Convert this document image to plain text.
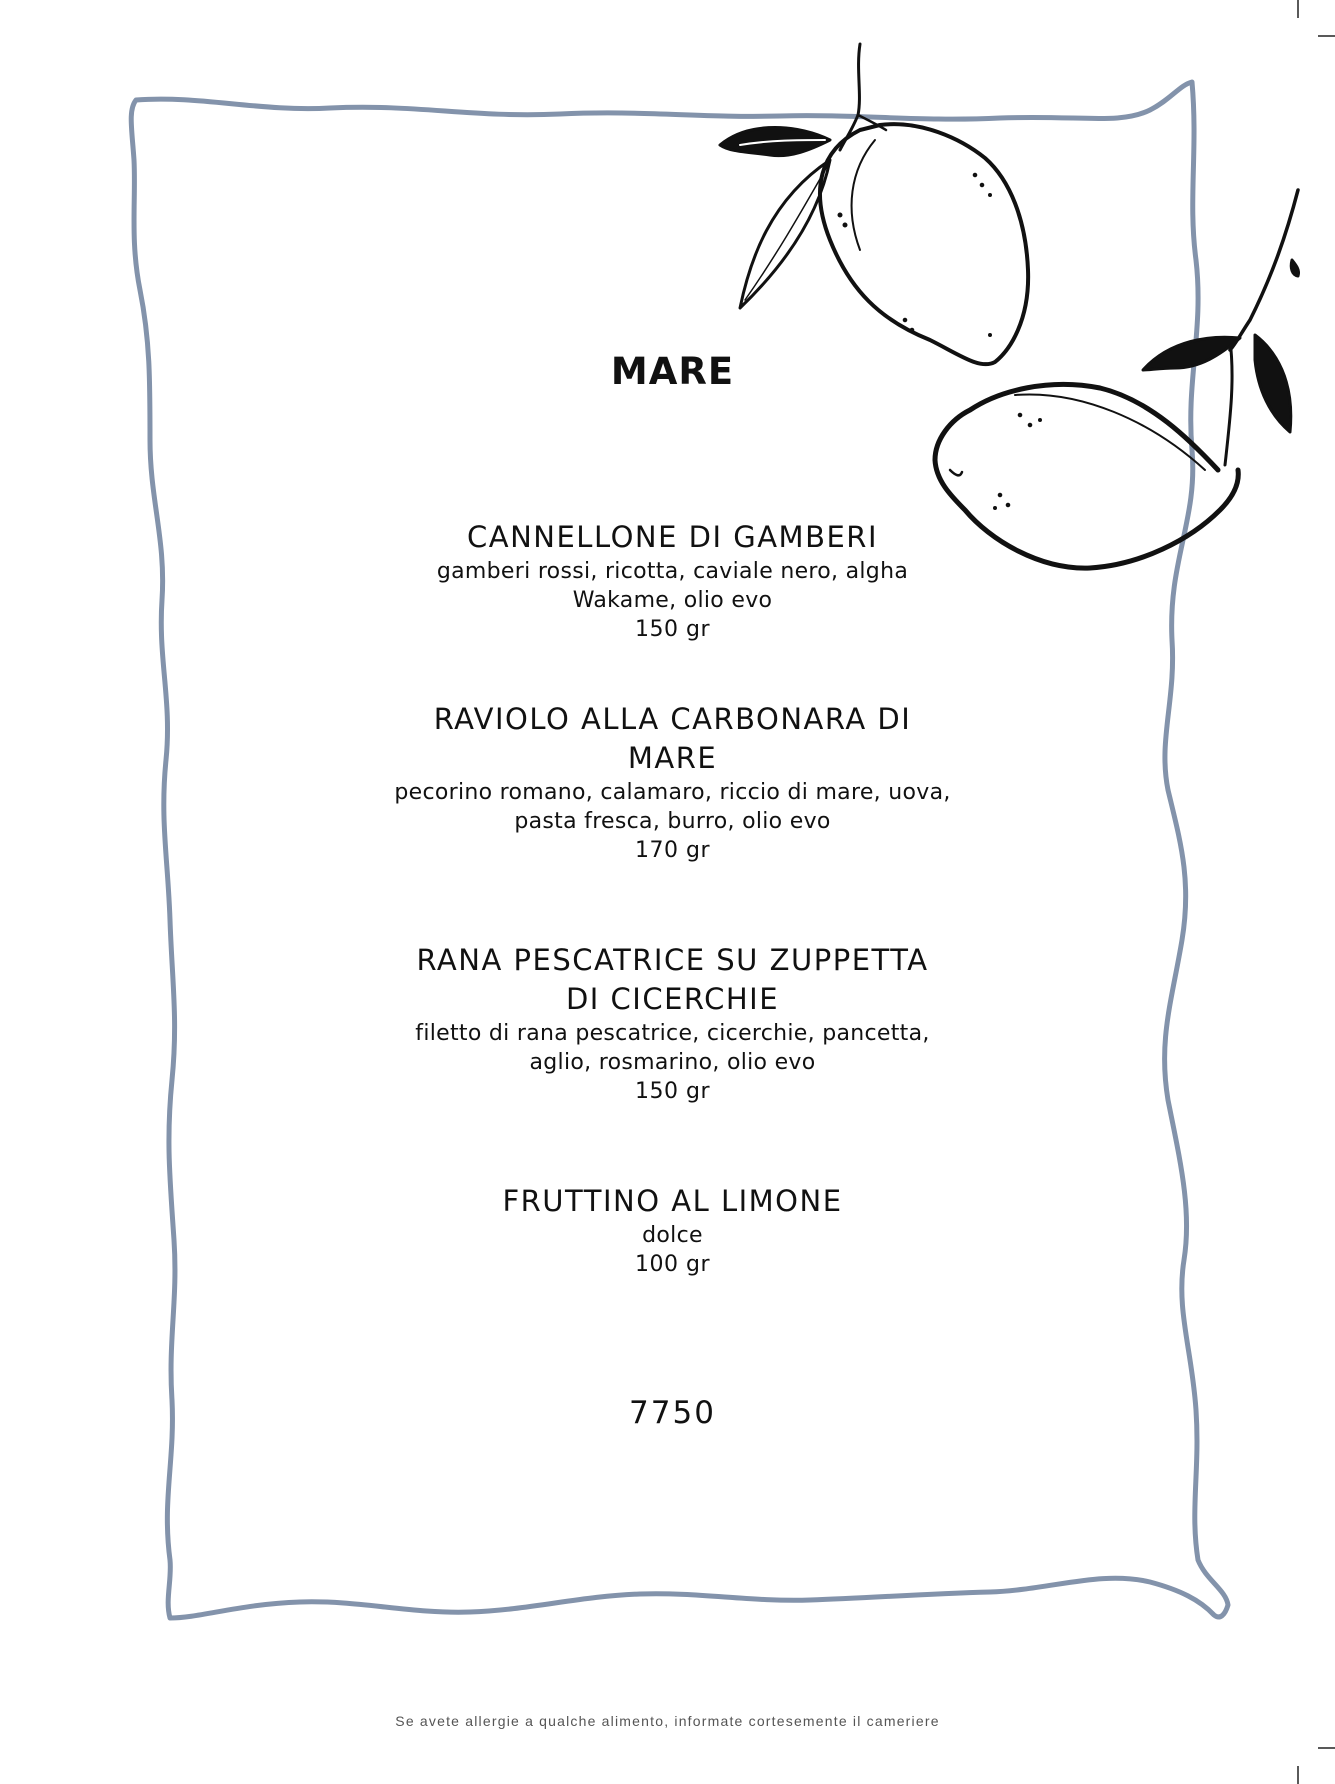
MARE

CANNELLONE DI GAMBERI

gamberi rossi, ricotta, caviale nero, algha

Wakame, olio evo

150 gr

RAVIOLO ALLA CARBONARA DI

MARE

pecorino romano, calamaro, riccio di mare, uova,

pasta fresca, burro, olio evo

170 gr

RANA PESCATRICE SU ZUPPETTA

DI CICERCHIE

filetto di rana pescatrice, cicerchie, pancetta,

aglio, rosmarino, olio evo

150 gr

FRUTTINO AL LIMONE

dolce

100 gr

7750
Se avete allergie a qualche alimento, informate cortesemente il cameriere
